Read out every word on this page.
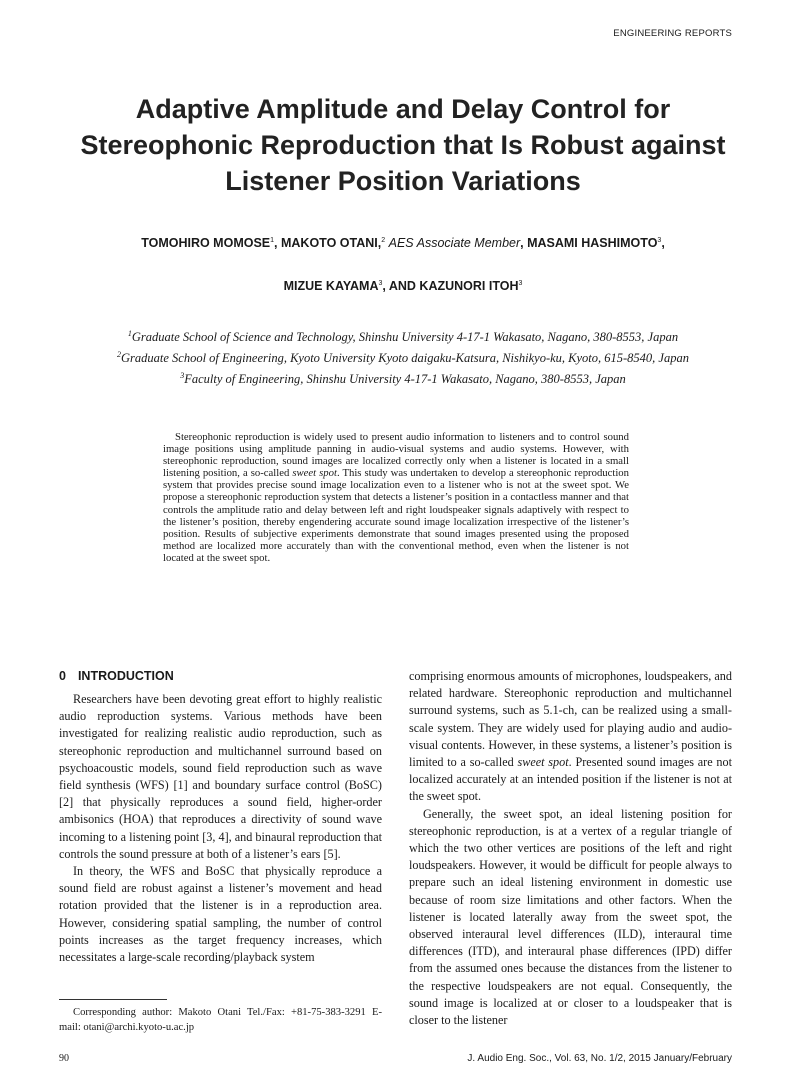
ENGINEERING REPORTS
Adaptive Amplitude and Delay Control for
Stereophonic Reproduction that Is Robust against
Listener Position Variations
TOMOHIRO MOMOSE$^1$, MAKOTO OTANI,$^2$ AES Associate Member, MASAMI HASHIMOTO$^3$,
MIZUE KAYAMA$^3$, AND KAZUNORI ITOH$^3$
$^1$Graduate School of Science and Technology, Shinshu University 4-17-1 Wakasato, Nagano, 380-8553, Japan
$^2$Graduate School of Engineering, Kyoto University Kyoto daigaku-Katsura, Nishikyo-ku, Kyoto, 615-8540, Japan
$^3$Faculty of Engineering, Shinshu University 4-17-1 Wakasato, Nagano, 380-8553, Japan

Stereophonic reproduction is widely used to present audio information to listeners and to control sound image positions using amplitude panning in audio-visual systems and audio systems. However, with stereophonic reproduction, sound images are localized correctly only when a listener is located in a small listening position, a so-called sweet spot. This study was undertaken to develop a stereophonic reproduction system that provides precise sound image localization even to a listener who is not at the sweet spot. We propose a stereophonic reproduction system that detects a listener’s position in a contactless manner and that controls the amplitude ratio and delay between left and right loudspeaker signals adaptively with respect to the listener’s position, thereby engendering accurate sound image localization irrespective of the listener’s position. Results of subjective experiments demonstrate that sound images presented using the proposed method are localized more accurately than with the conventional method, even when the listener is not located at the sweet spot.

0 INTRODUCTION

Researchers have been devoting great effort to highly realistic audio reproduction systems. Various methods have been investigated for realizing realistic audio reproduction, such as stereophonic reproduction and multichannel surround based on psychoacoustic models, sound field reproduction such as wave field synthesis (WFS) [1] and boundary surface control (BoSC) [2] that physically reproduces a sound field, higher-order ambisonics (HOA) that reproduces a directivity of sound wave incoming to a listening point [3, 4], and binaural reproduction that controls the sound pressure at both of a listener’s ears [5].

In theory, the WFS and BoSC that physically reproduce a sound field are robust against a listener’s movement and head rotation provided that the listener is in a reproduction area. However, considering spatial sampling, the number of control points increases as the target frequency increases, which necessitates a large-scale recording/playback system

comprising enormous amounts of microphones, loudspeakers, and related hardware. Stereophonic reproduction and multichannel surround systems, such as 5.1-ch, can be realized using a small-scale system. They are widely used for playing audio and audio-visual contents. However, in these systems, a listener’s position is limited to a so-called sweet spot. Presented sound images are not localized accurately at an intended position if the listener is not at the sweet spot.

Generally, the sweet spot, an ideal listening position for stereophonic reproduction, is at a vertex of a regular triangle of which the two other vertices are positions of the left and right loudspeakers. However, it would be difficult for people always to prepare such an ideal listening environment in domestic use because of room size limitations and other factors. When the listener is located laterally away from the sweet spot, the observed interaural level differences (ILD), interaural time differences (ITD), and interaural phase differences (IPD) differ from the assumed ones because the distances from the listener to the respective loudspeakers are not equal. Consequently, the sound image is localized at or closer to a loudspeaker that is closer to the listener

Corresponding author: Makoto Otani Tel./Fax: +81-75-383-3291 E-mail: otani@archi.kyoto-u.ac.jp

90	J. Audio Eng. Soc., Vol. 63, No. 1/2, 2015 January/February
